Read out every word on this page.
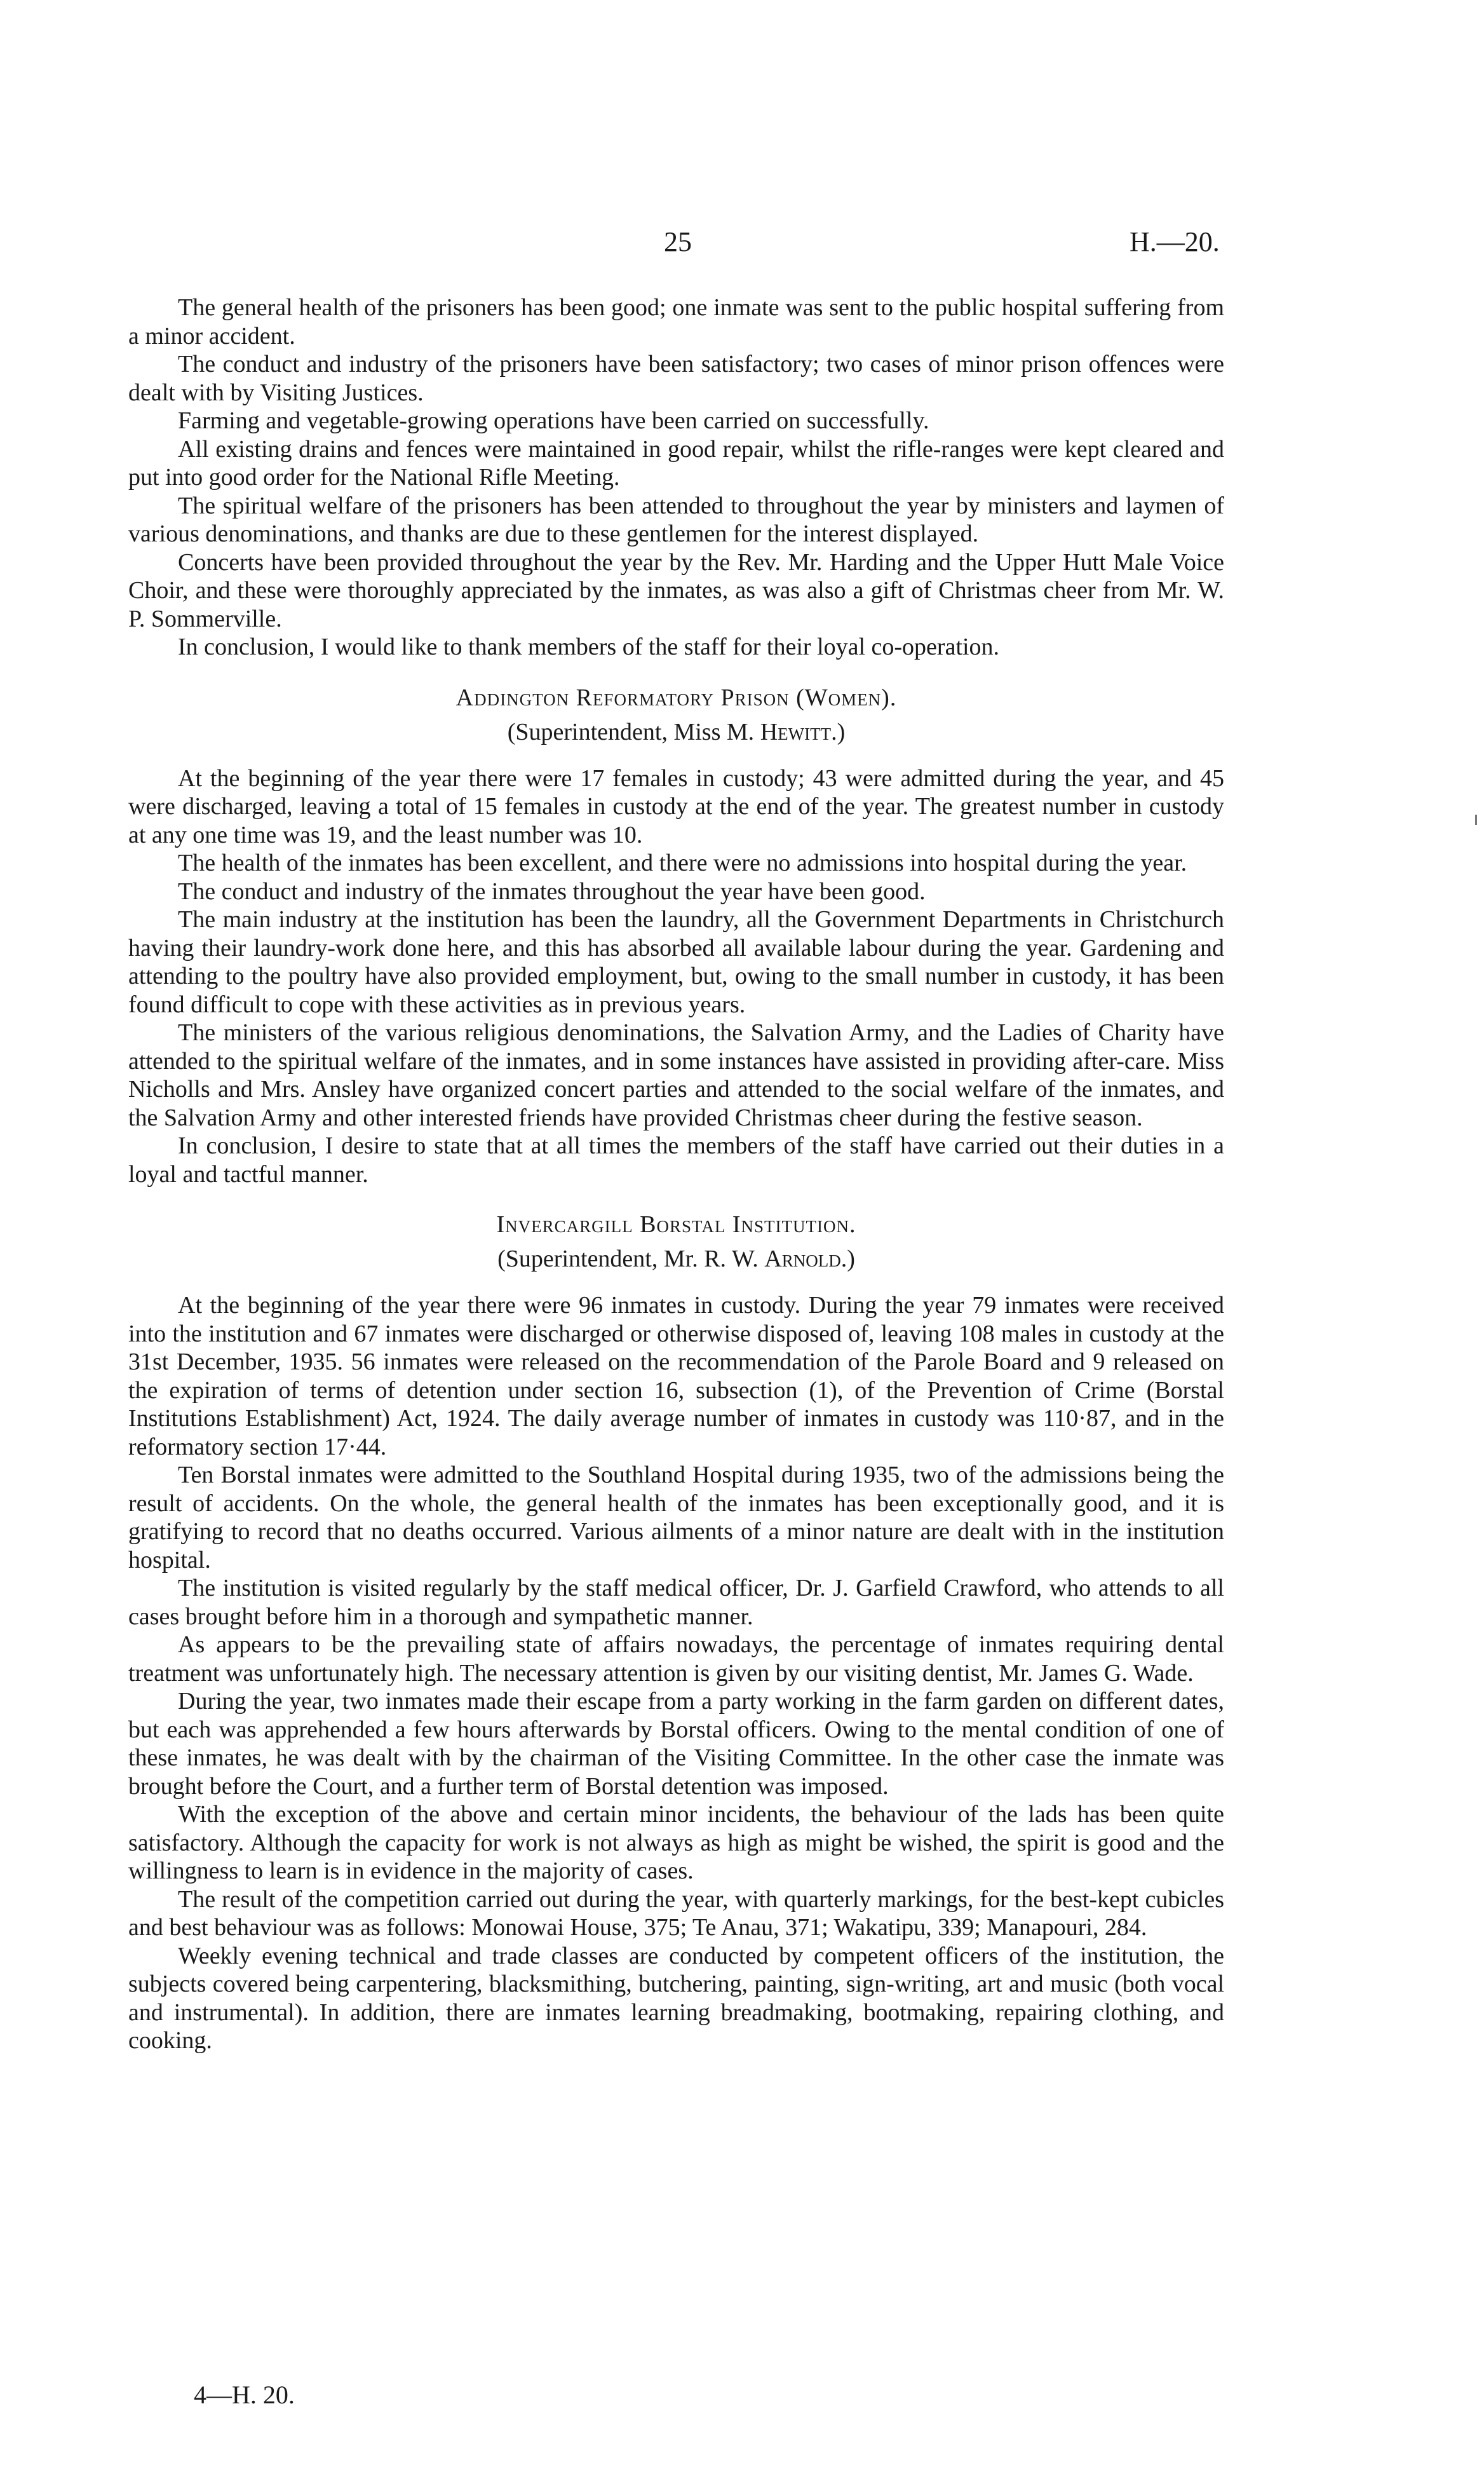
25	H.—20.

The general health of the prisoners has been good; one inmate was sent to the public hospital suffering from a minor accident.

The conduct and industry of the prisoners have been satisfactory; two cases of minor prison offences were dealt with by Visiting Justices.

Farming and vegetable-growing operations have been carried on successfully.

All existing drains and fences were maintained in good repair, whilst the rifle-ranges were kept cleared and put into good order for the National Rifle Meeting.

The spiritual welfare of the prisoners has been attended to throughout the year by ministers and laymen of various denominations, and thanks are due to these gentlemen for the interest displayed.

Concerts have been provided throughout the year by the Rev. Mr. Harding and the Upper Hutt Male Voice Choir, and these were thoroughly appreciated by the inmates, as was also a gift of Christmas cheer from Mr. W. P. Sommerville.

In conclusion, I would like to thank members of the staff for their loyal co-operation.

Addington Reformatory Prison (Women).
(Superintendent, Miss M. Hewitt.)

At the beginning of the year there were 17 females in custody; 43 were admitted during the year, and 45 were discharged, leaving a total of 15 females in custody at the end of the year. The greatest number in custody at any one time was 19, and the least number was 10.

The health of the inmates has been excellent, and there were no admissions into hospital during the year.

The conduct and industry of the inmates throughout the year have been good.

The main industry at the institution has been the laundry, all the Government Departments in Christchurch having their laundry-work done here, and this has absorbed all available labour during the year. Gardening and attending to the poultry have also provided employment, but, owing to the small number in custody, it has been found difficult to cope with these activities as in previous years.

The ministers of the various religious denominations, the Salvation Army, and the Ladies of Charity have attended to the spiritual welfare of the inmates, and in some instances have assisted in providing after-care. Miss Nicholls and Mrs. Ansley have organized concert parties and attended to the social welfare of the inmates, and the Salvation Army and other interested friends have provided Christmas cheer during the festive season.

In conclusion, I desire to state that at all times the members of the staff have carried out their duties in a loyal and tactful manner.

Invercargill Borstal Institution.
(Superintendent, Mr. R. W. Arnold.)

At the beginning of the year there were 96 inmates in custody. During the year 79 inmates were received into the institution and 67 inmates were discharged or otherwise disposed of, leaving 108 males in custody at the 31st December, 1935. 56 inmates were released on the recommendation of the Parole Board and 9 released on the expiration of terms of detention under section 16, subsection (1), of the Prevention of Crime (Borstal Institutions Establishment) Act, 1924. The daily average number of inmates in custody was 110·87, and in the reformatory section 17·44.

Ten Borstal inmates were admitted to the Southland Hospital during 1935, two of the admissions being the result of accidents. On the whole, the general health of the inmates has been exceptionally good, and it is gratifying to record that no deaths occurred. Various ailments of a minor nature are dealt with in the institution hospital.

The institution is visited regularly by the staff medical officer, Dr. J. Garfield Crawford, who attends to all cases brought before him in a thorough and sympathetic manner.

As appears to be the prevailing state of affairs nowadays, the percentage of inmates requiring dental treatment was unfortunately high. The necessary attention is given by our visiting dentist, Mr. James G. Wade.

During the year, two inmates made their escape from a party working in the farm garden on different dates, but each was apprehended a few hours afterwards by Borstal officers. Owing to the mental condition of one of these inmates, he was dealt with by the chairman of the Visiting Committee. In the other case the inmate was brought before the Court, and a further term of Borstal detention was imposed.

With the exception of the above and certain minor incidents, the behaviour of the lads has been quite satisfactory. Although the capacity for work is not always as high as might be wished, the spirit is good and the willingness to learn is in evidence in the majority of cases.

The result of the competition carried out during the year, with quarterly markings, for the best-kept cubicles and best behaviour was as follows: Monowai House, 375; Te Anau, 371; Wakatipu, 339; Manapouri, 284.

Weekly evening technical and trade classes are conducted by competent officers of the institution, the subjects covered being carpentering, blacksmithing, butchering, painting, sign-writing, art and music (both vocal and instrumental). In addition, there are inmates learning breadmaking, bootmaking, repairing clothing, and cooking.

4—H. 20.
